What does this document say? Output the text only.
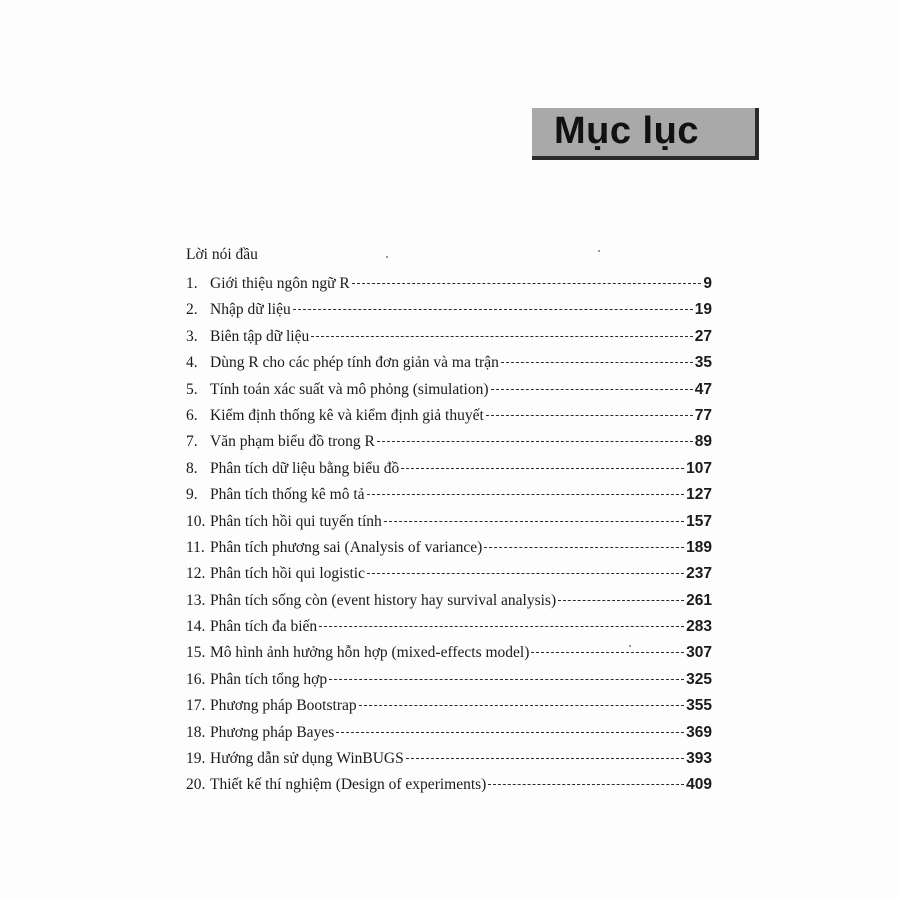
Mục lục
Lời nói đầu
1. Giới thiệu ngôn ngữ R	9
2. Nhập dữ liệu	19
3. Biên tập dữ liệu	27
4. Dùng R cho các phép tính đơn giản và ma trận	35
5. Tính toán xác suất và mô phỏng (simulation)	47
6. Kiểm định thống kê và kiểm định giả thuyết	77
7. Văn phạm biểu đồ trong R	89
8. Phân tích dữ liệu bằng biểu đồ	107
9. Phân tích thống kê mô tả	127
10. Phân tích hồi qui tuyến tính	157
11. Phân tích phương sai (Analysis of variance)	189
12. Phân tích hồi qui logistic	237
13. Phân tích sống còn (event history hay survival analysis)	261
14. Phân tích đa biến	283
15. Mô hình ảnh hưởng hỗn hợp (mixed-effects model)	307
16. Phân tích tổng hợp	325
17. Phương pháp Bootstrap	355
18. Phương pháp Bayes	369
19. Hướng dẫn sử dụng WinBUGS	393
20. Thiết kế thí nghiệm (Design of experiments)	409
